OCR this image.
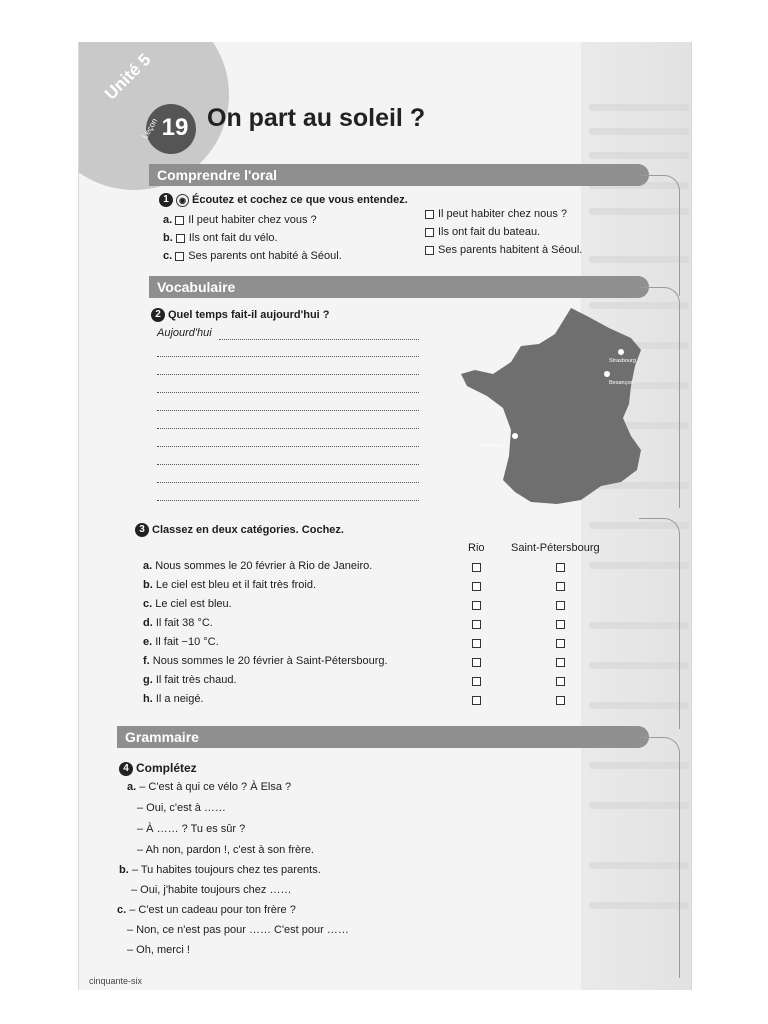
Unité 5
Leçon 19 On part au soleil ?
Comprendre l'oral
1 ◉ Écoutez et cochez ce que vous entendez.
a. Il peut habiter chez vous ?
b. Ils ont fait du vélo.
c. Ses parents ont habité à Séoul.
Il peut habiter chez nous ?
Ils ont fait du bateau.
Ses parents habitent à Séoul.
Vocabulaire
2 Quel temps fait-il aujourd'hui ?
Aujourd'hui
Strasbourg
Besançon
Bordeaux
3 Classez en deux catégories. Cochez.
Rio Saint-Pétersbourg
a. Nous sommes le 20 février à Rio de Janeiro.
b. Le ciel est bleu et il fait très froid.
c. Le ciel est bleu.
d. Il fait 38 °C.
e. Il fait −10 °C.
f. Nous sommes le 20 février à Saint-Pétersbourg.
g. Il fait très chaud.
h. Il a neigé.
Grammaire
4 Complétez
a. – C'est à qui ce vélo ? À Elsa ?
– Oui, c'est à ……
– À …… ? Tu es sûr ?
– Ah non, pardon !, c'est à son frère.
b. – Tu habites toujours chez tes parents.
– Oui, j'habite toujours chez ……
c. – C'est un cadeau pour ton frère ?
– Non, ce n'est pas pour …… C'est pour ……
– Oh, merci !
cinquante-six
